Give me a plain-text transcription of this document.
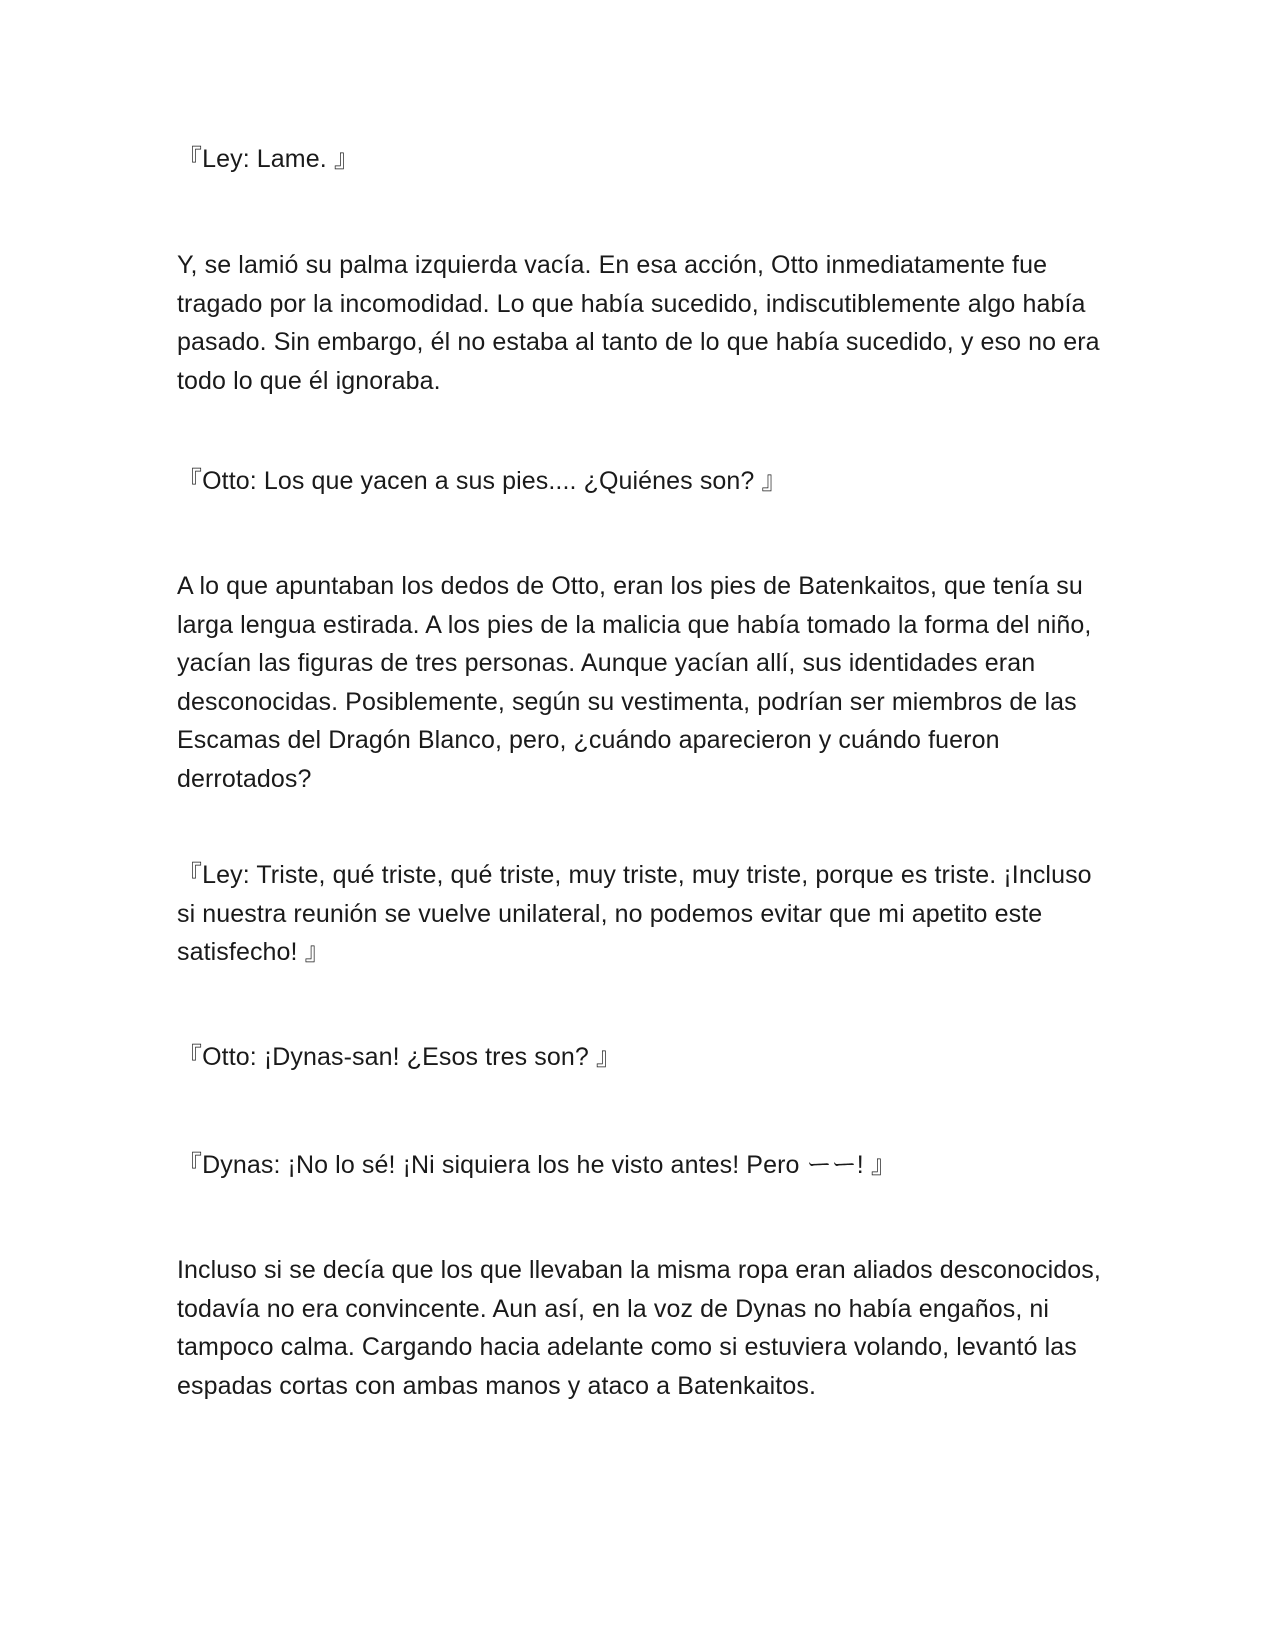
『Ley: Lame. 』

Y, se lamió su palma izquierda vacía. En esa acción, Otto inmediatamente fue tragado por la incomodidad. Lo que había sucedido, indiscutiblemente algo había pasado. Sin embargo, él no estaba al tanto de lo que había sucedido, y eso no era todo lo que él ignoraba.

『Otto: Los que yacen a sus pies.... ¿Quiénes son? 』

A lo que apuntaban los dedos de Otto, eran los pies de Batenkaitos, que tenía su larga lengua estirada. A los pies de la malicia que había tomado la forma del niño, yacían las figuras de tres personas. Aunque yacían allí, sus identidades eran desconocidas. Posiblemente, según su vestimenta, podrían ser miembros de las Escamas del Dragón Blanco, pero, ¿cuándo aparecieron y cuándo fueron derrotados?

『Ley: Triste, qué triste, qué triste, muy triste, muy triste, porque es triste. ¡Incluso si nuestra reunión se vuelve unilateral, no podemos evitar que mi apetito este satisfecho! 』

『Otto: ¡Dynas-san! ¿Esos tres son? 』

『Dynas: ¡No lo sé! ¡Ni siquiera los he visto antes! Pero ーー! 』

Incluso si se decía que los que llevaban la misma ropa eran aliados desconocidos, todavía no era convincente. Aun así, en la voz de Dynas no había engaños, ni tampoco calma. Cargando hacia adelante como si estuviera volando, levantó las espadas cortas con ambas manos y ataco a Batenkaitos.
